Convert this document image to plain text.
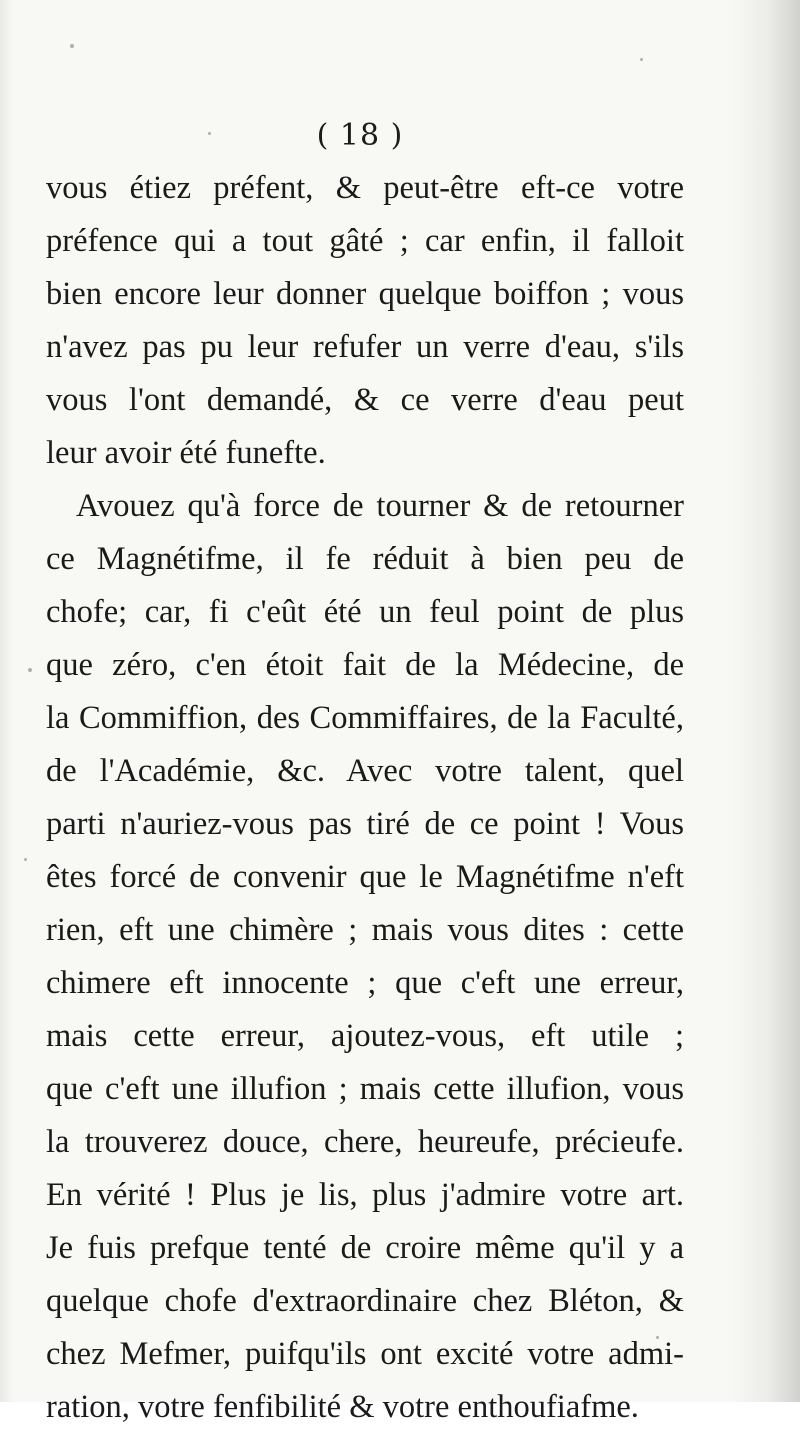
( 18 )
vous étiez préfent, & peut-être eft-ce votre
préfence qui a tout gâté ; car enfin, il falloit
bien encore leur donner quelque boiffon ; vous
n'avez pas pu leur refufer un verre d'eau, s'ils
vous l'ont demandé, & ce verre d'eau peut
leur avoir été funefte.
Avouez qu'à force de tourner & de retourner
ce Magnétifme, il fe réduit à bien peu de
chofe; car, fi c'eût été un feul point de plus
que zéro, c'en étoit fait de la Médecine, de
la Commiffion, des Commiffaires, de la Faculté,
de l'Académie, &c. Avec votre talent, quel
parti n'auriez-vous pas tiré de ce point ! Vous
êtes forcé de convenir que le Magnétifme n'eft
rien, eft une chimère ; mais vous dites : cette
chimere eft innocente ; que c'eft une erreur,
mais cette erreur, ajoutez-vous, eft utile ;
que c'eft une illufion ; mais cette illufion, vous
la trouverez douce, chere, heureufe, précieufe.
En vérité ! Plus je lis, plus j'admire votre art.
Je fuis prefque tenté de croire même qu'il y a
quelque chofe d'extraordinaire chez Bléton, &
chez Mefmer, puifqu'ils ont excité votre admi-
ration, votre fenfibilité & votre enthoufiafme.
